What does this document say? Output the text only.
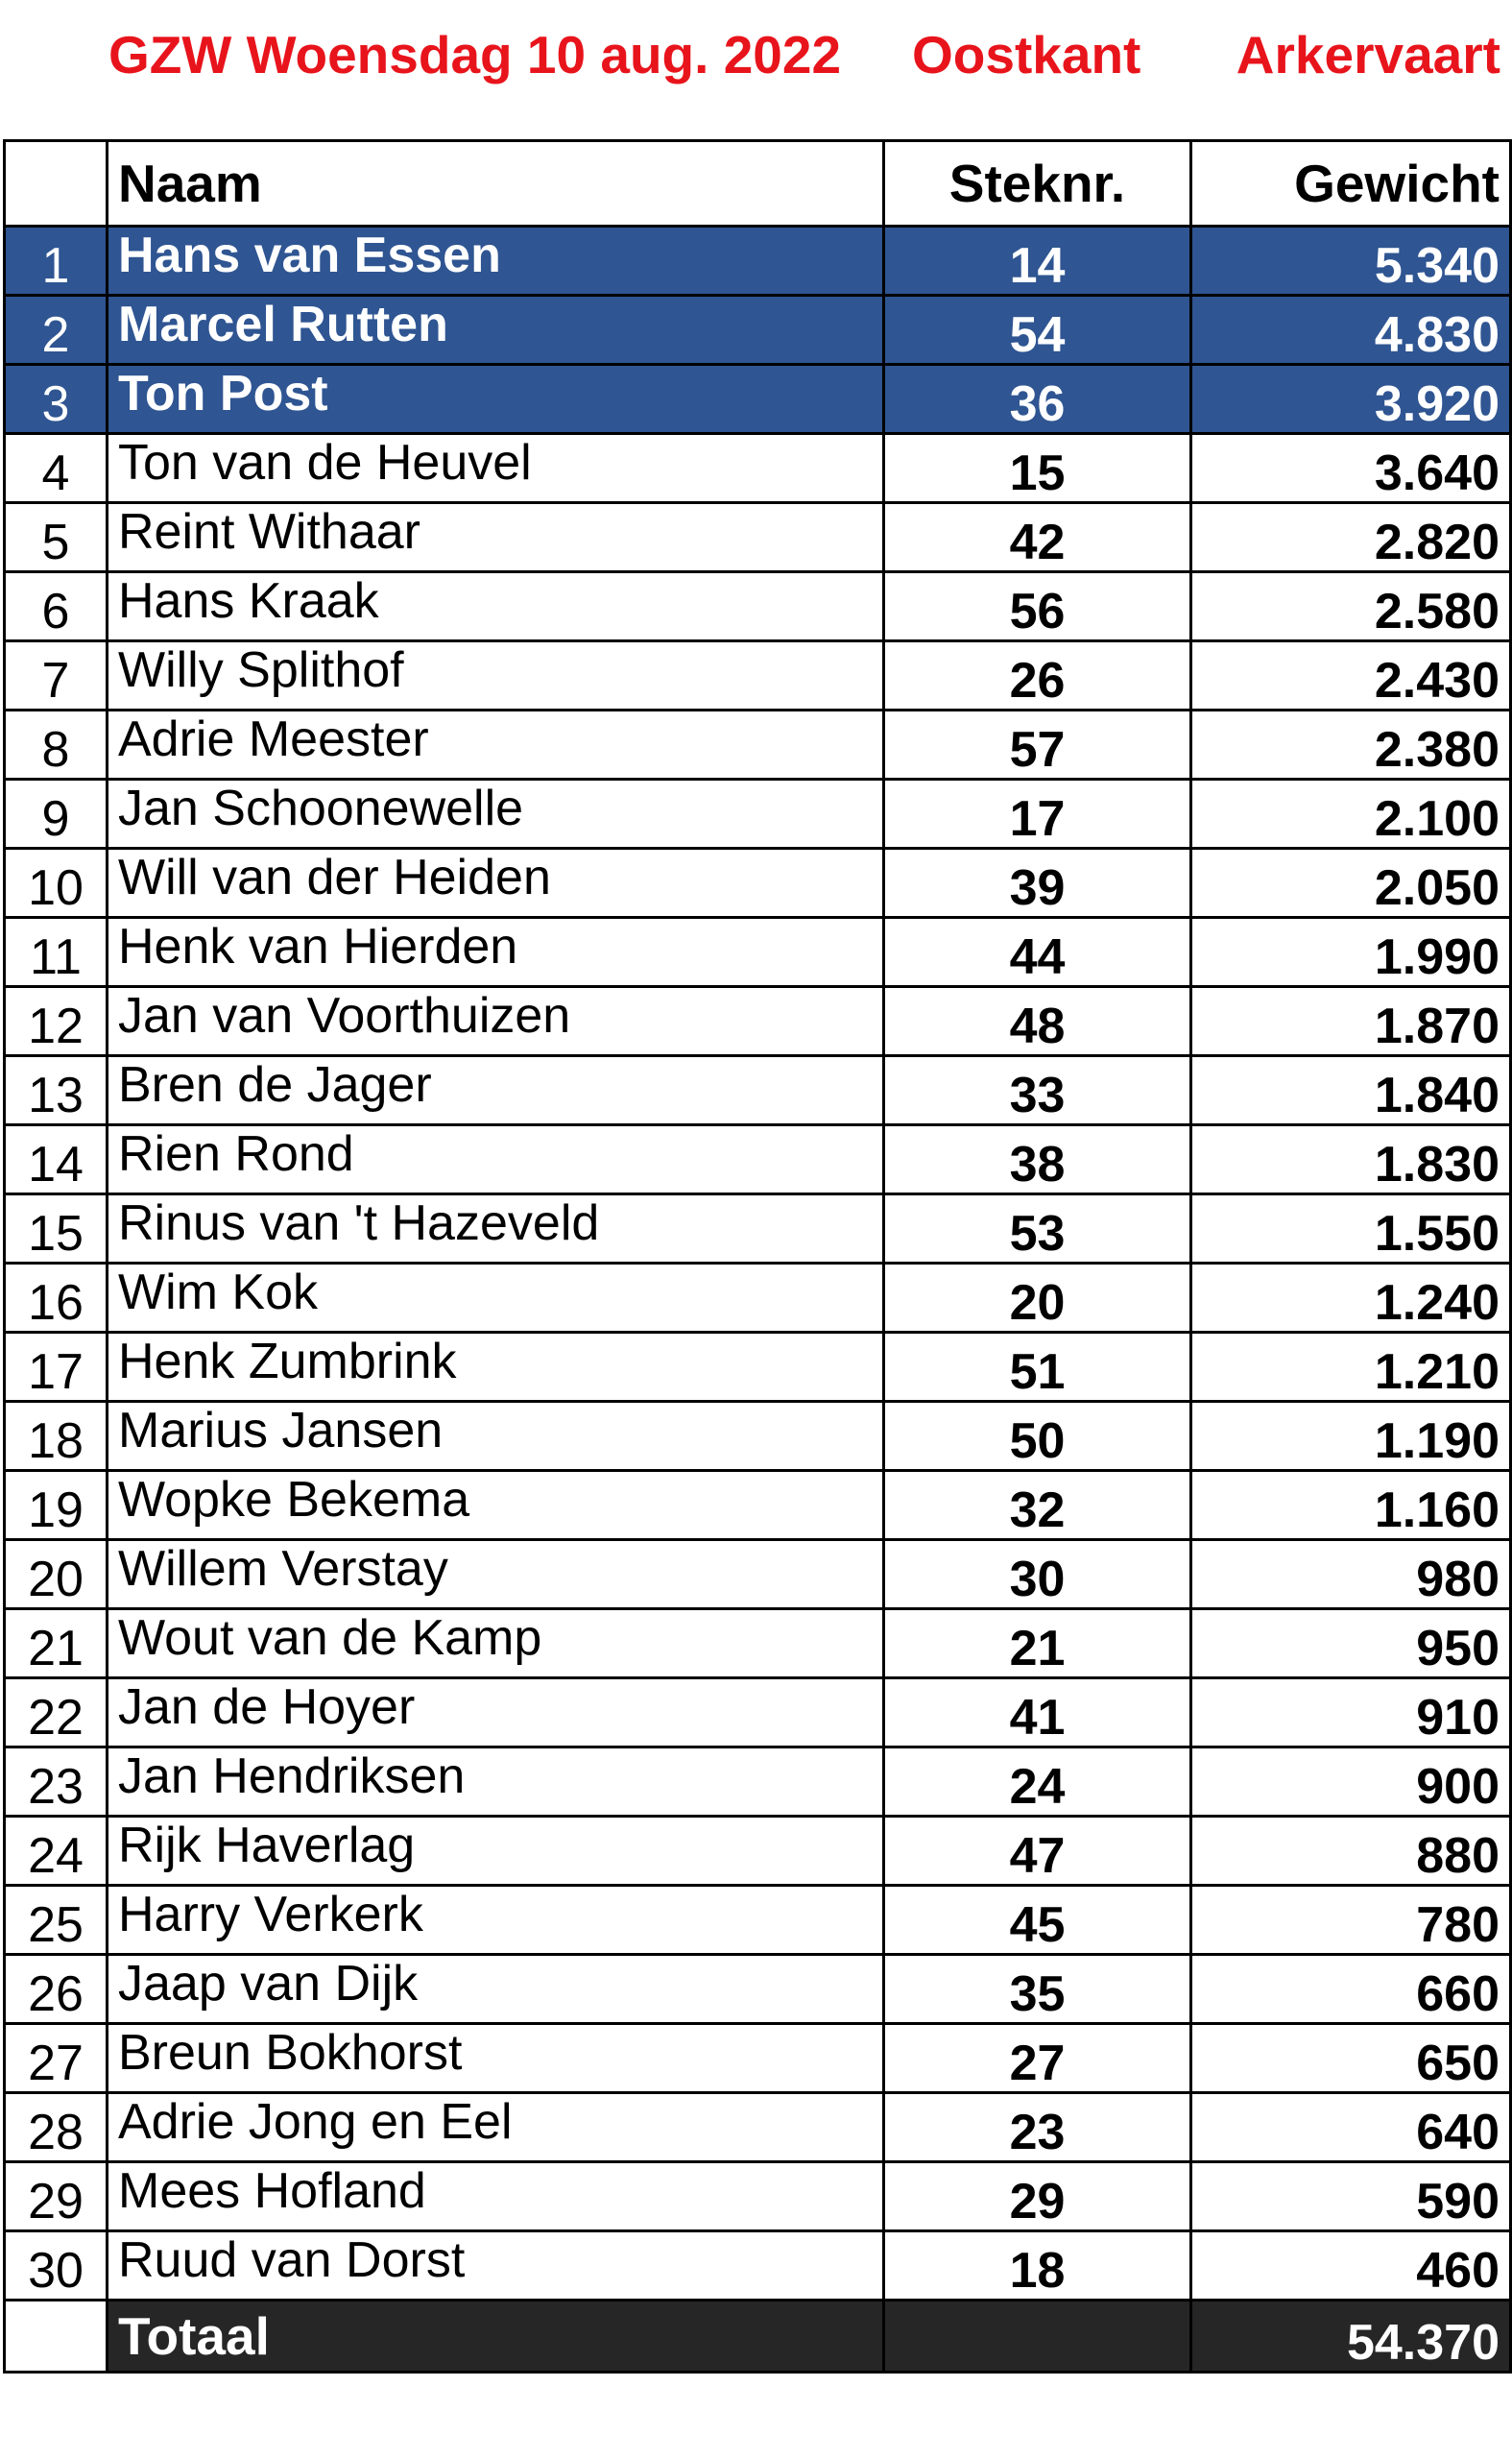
GZW Woensdag 10 aug. 2022 Oostkant Arkervaart
	Naam	Steknr.	Gewicht
1	Hans van Essen	14	5.340
2	Marcel Rutten	54	4.830
3	Ton Post	36	3.920
4	Ton van de Heuvel	15	3.640
5	Reint Withaar	42	2.820
6	Hans Kraak	56	2.580
7	Willy Splithof	26	2.430
8	Adrie Meester	57	2.380
9	Jan Schoonewelle	17	2.100
10	Will van der Heiden	39	2.050
11	Henk van Hierden	44	1.990
12	Jan van Voorthuizen	48	1.870
13	Bren de Jager	33	1.840
14	Rien Rond	38	1.830
15	Rinus van 't Hazeveld	53	1.550
16	Wim Kok	20	1.240
17	Henk Zumbrink	51	1.210
18	Marius Jansen	50	1.190
19	Wopke Bekema	32	1.160
20	Willem Verstay	30	980
21	Wout van de Kamp	21	950
22	Jan de Hoyer	41	910
23	Jan Hendriksen	24	900
24	Rijk Haverlag	47	880
25	Harry Verkerk	45	780
26	Jaap van Dijk	35	660
27	Breun Bokhorst	27	650
28	Adrie Jong en Eel	23	640
29	Mees Hofland	29	590
30	Ruud van Dorst	18	460
	Totaal		54.370
